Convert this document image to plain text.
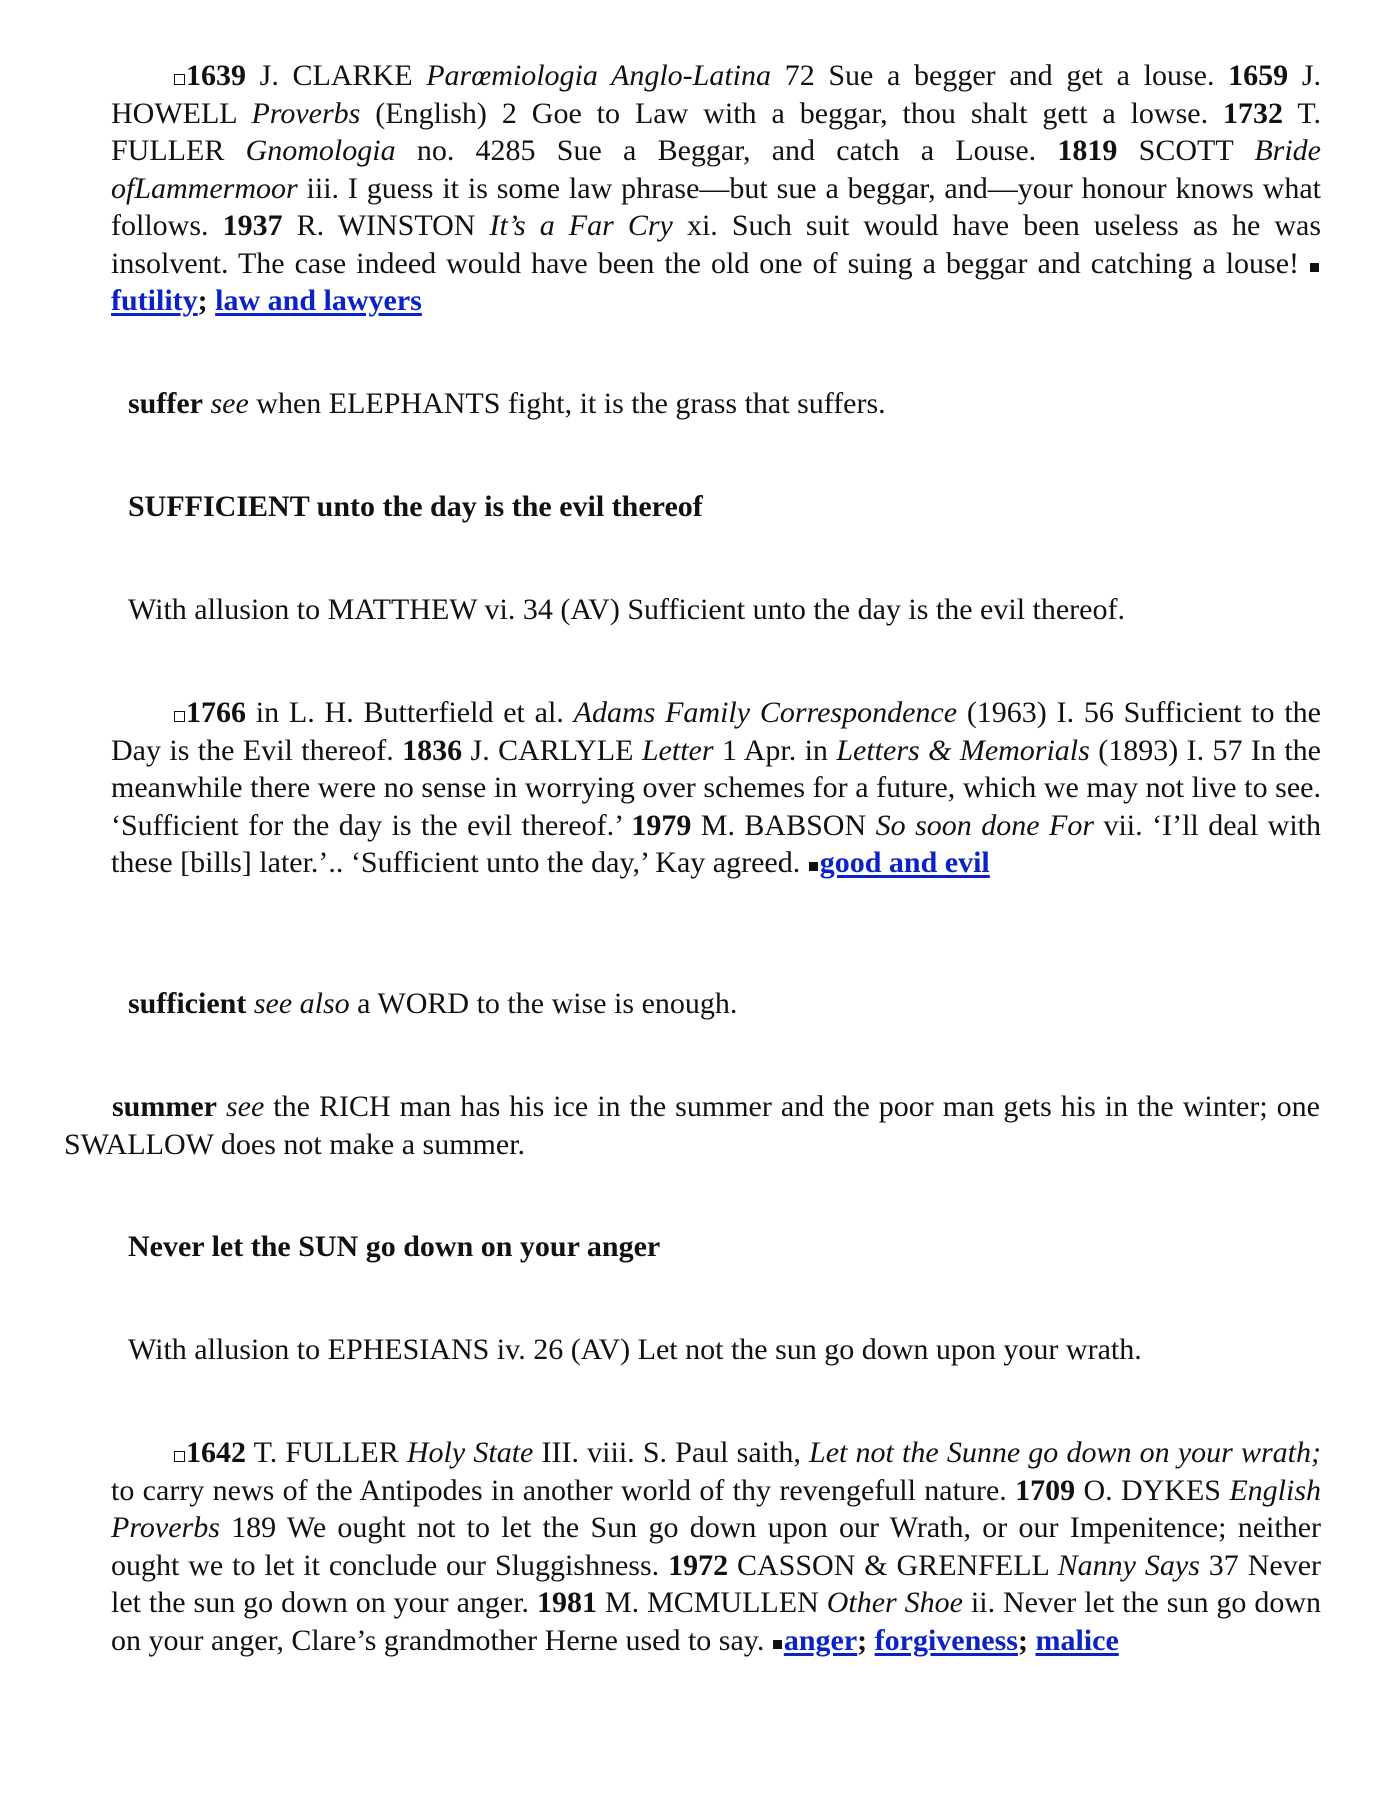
1639 J. CLARKE Parœmiologia Anglo-Latina 72 Sue a begger and get a louse. 1659 J. HOWELL Proverbs (English) 2 Goe to Law with a beggar, thou shalt gett a lowse. 1732 T. FULLER Gnomologia no. 4285 Sue a Beggar, and catch a Louse. 1819 SCOTT Bride ofLammermoor iii. I guess it is some law phrase—but sue a beggar, and—your honour knows what follows. 1937 R. WINSTON It’s a Far Cry xi. Such suit would have been useless as he was insolvent. The case indeed would have been the old one of suing a beggar and catching a louse! futility; law and lawyers

suffer see when ELEPHANTS fight, it is the grass that suffers.

SUFFICIENT unto the day is the evil thereof

With allusion to MATTHEW vi. 34 (AV) Sufficient unto the day is the evil thereof.

1766 in L. H. Butterfield et al. Adams Family Correspondence (1963) I. 56 Sufficient to the Day is the Evil thereof. 1836 J. CARLYLE Letter 1 Apr. in Letters & Memorials (1893) I. 57 In the meanwhile there were no sense in worrying over schemes for a future, which we may not live to see. ‘Sufficient for the day is the evil thereof.’ 1979 M. BABSON So soon done For vii. ‘I’ll deal with these [bills] later.’.. ‘Sufficient unto the day,’ Kay agreed. good and evil

sufficient see also a WORD to the wise is enough.

summer see the RICH man has his ice in the summer and the poor man gets his in the winter; one SWALLOW does not make a summer.

Never let the SUN go down on your anger

With allusion to EPHESIANS iv. 26 (AV) Let not the sun go down upon your wrath.

1642 T. FULLER Holy State III. viii. S. Paul saith, Let not the Sunne go down on your wrath; to carry news of the Antipodes in another world of thy revengefull nature. 1709 O. DYKES English Proverbs 189 We ought not to let the Sun go down upon our Wrath, or our Impenitence; neither ought we to let it conclude our Sluggishness. 1972 CASSON & GRENFELL Nanny Says 37 Never let the sun go down on your anger. 1981 M. MCMULLEN Other Shoe ii. Never let the sun go down on your anger, Clare’s grandmother Herne used to say. anger; forgiveness; malice
